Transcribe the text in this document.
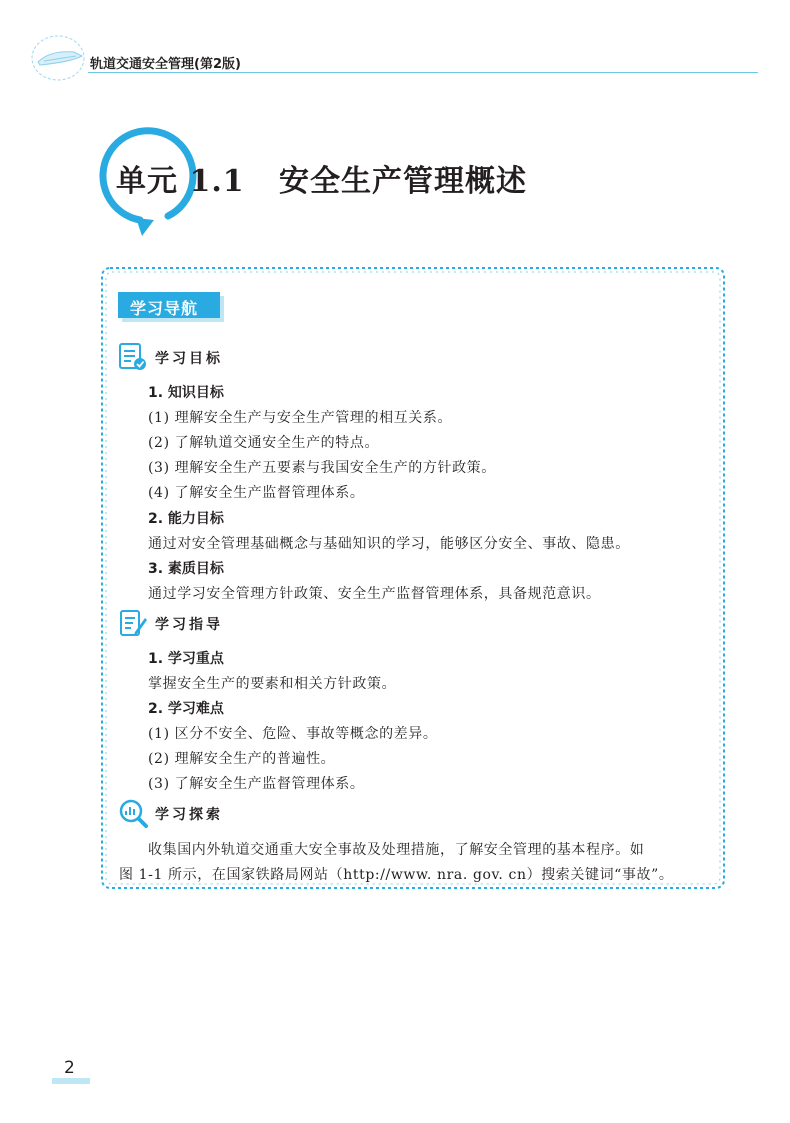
轨道交通安全管理(第2版)
单元 1.1   安全生产管理概述
学习导航
学习目标
1. 知识目标
(1) 理解安全生产与安全生产管理的相互关系。
(2) 了解轨道交通安全生产的特点。
(3) 理解安全生产五要素与我国安全生产的方针政策。
(4) 了解安全生产监督管理体系。
2. 能力目标
通过对安全管理基础概念与基础知识的学习，能够区分安全、事故、隐患。
3. 素质目标
通过学习安全管理方针政策、安全生产监督管理体系，具备规范意识。
学习指导
1. 学习重点
掌握安全生产的要素和相关方针政策。
2. 学习难点
(1) 区分不安全、危险、事故等概念的差异。
(2) 理解安全生产的普遍性。
(3) 了解安全生产监督管理体系。
学习探索
收集国内外轨道交通重大安全事故及处理措施，了解安全管理的基本程序。如
图 1-1 所示，在国家铁路局网站（http://www. nra. gov. cn）搜索关键词“事故”。
2
